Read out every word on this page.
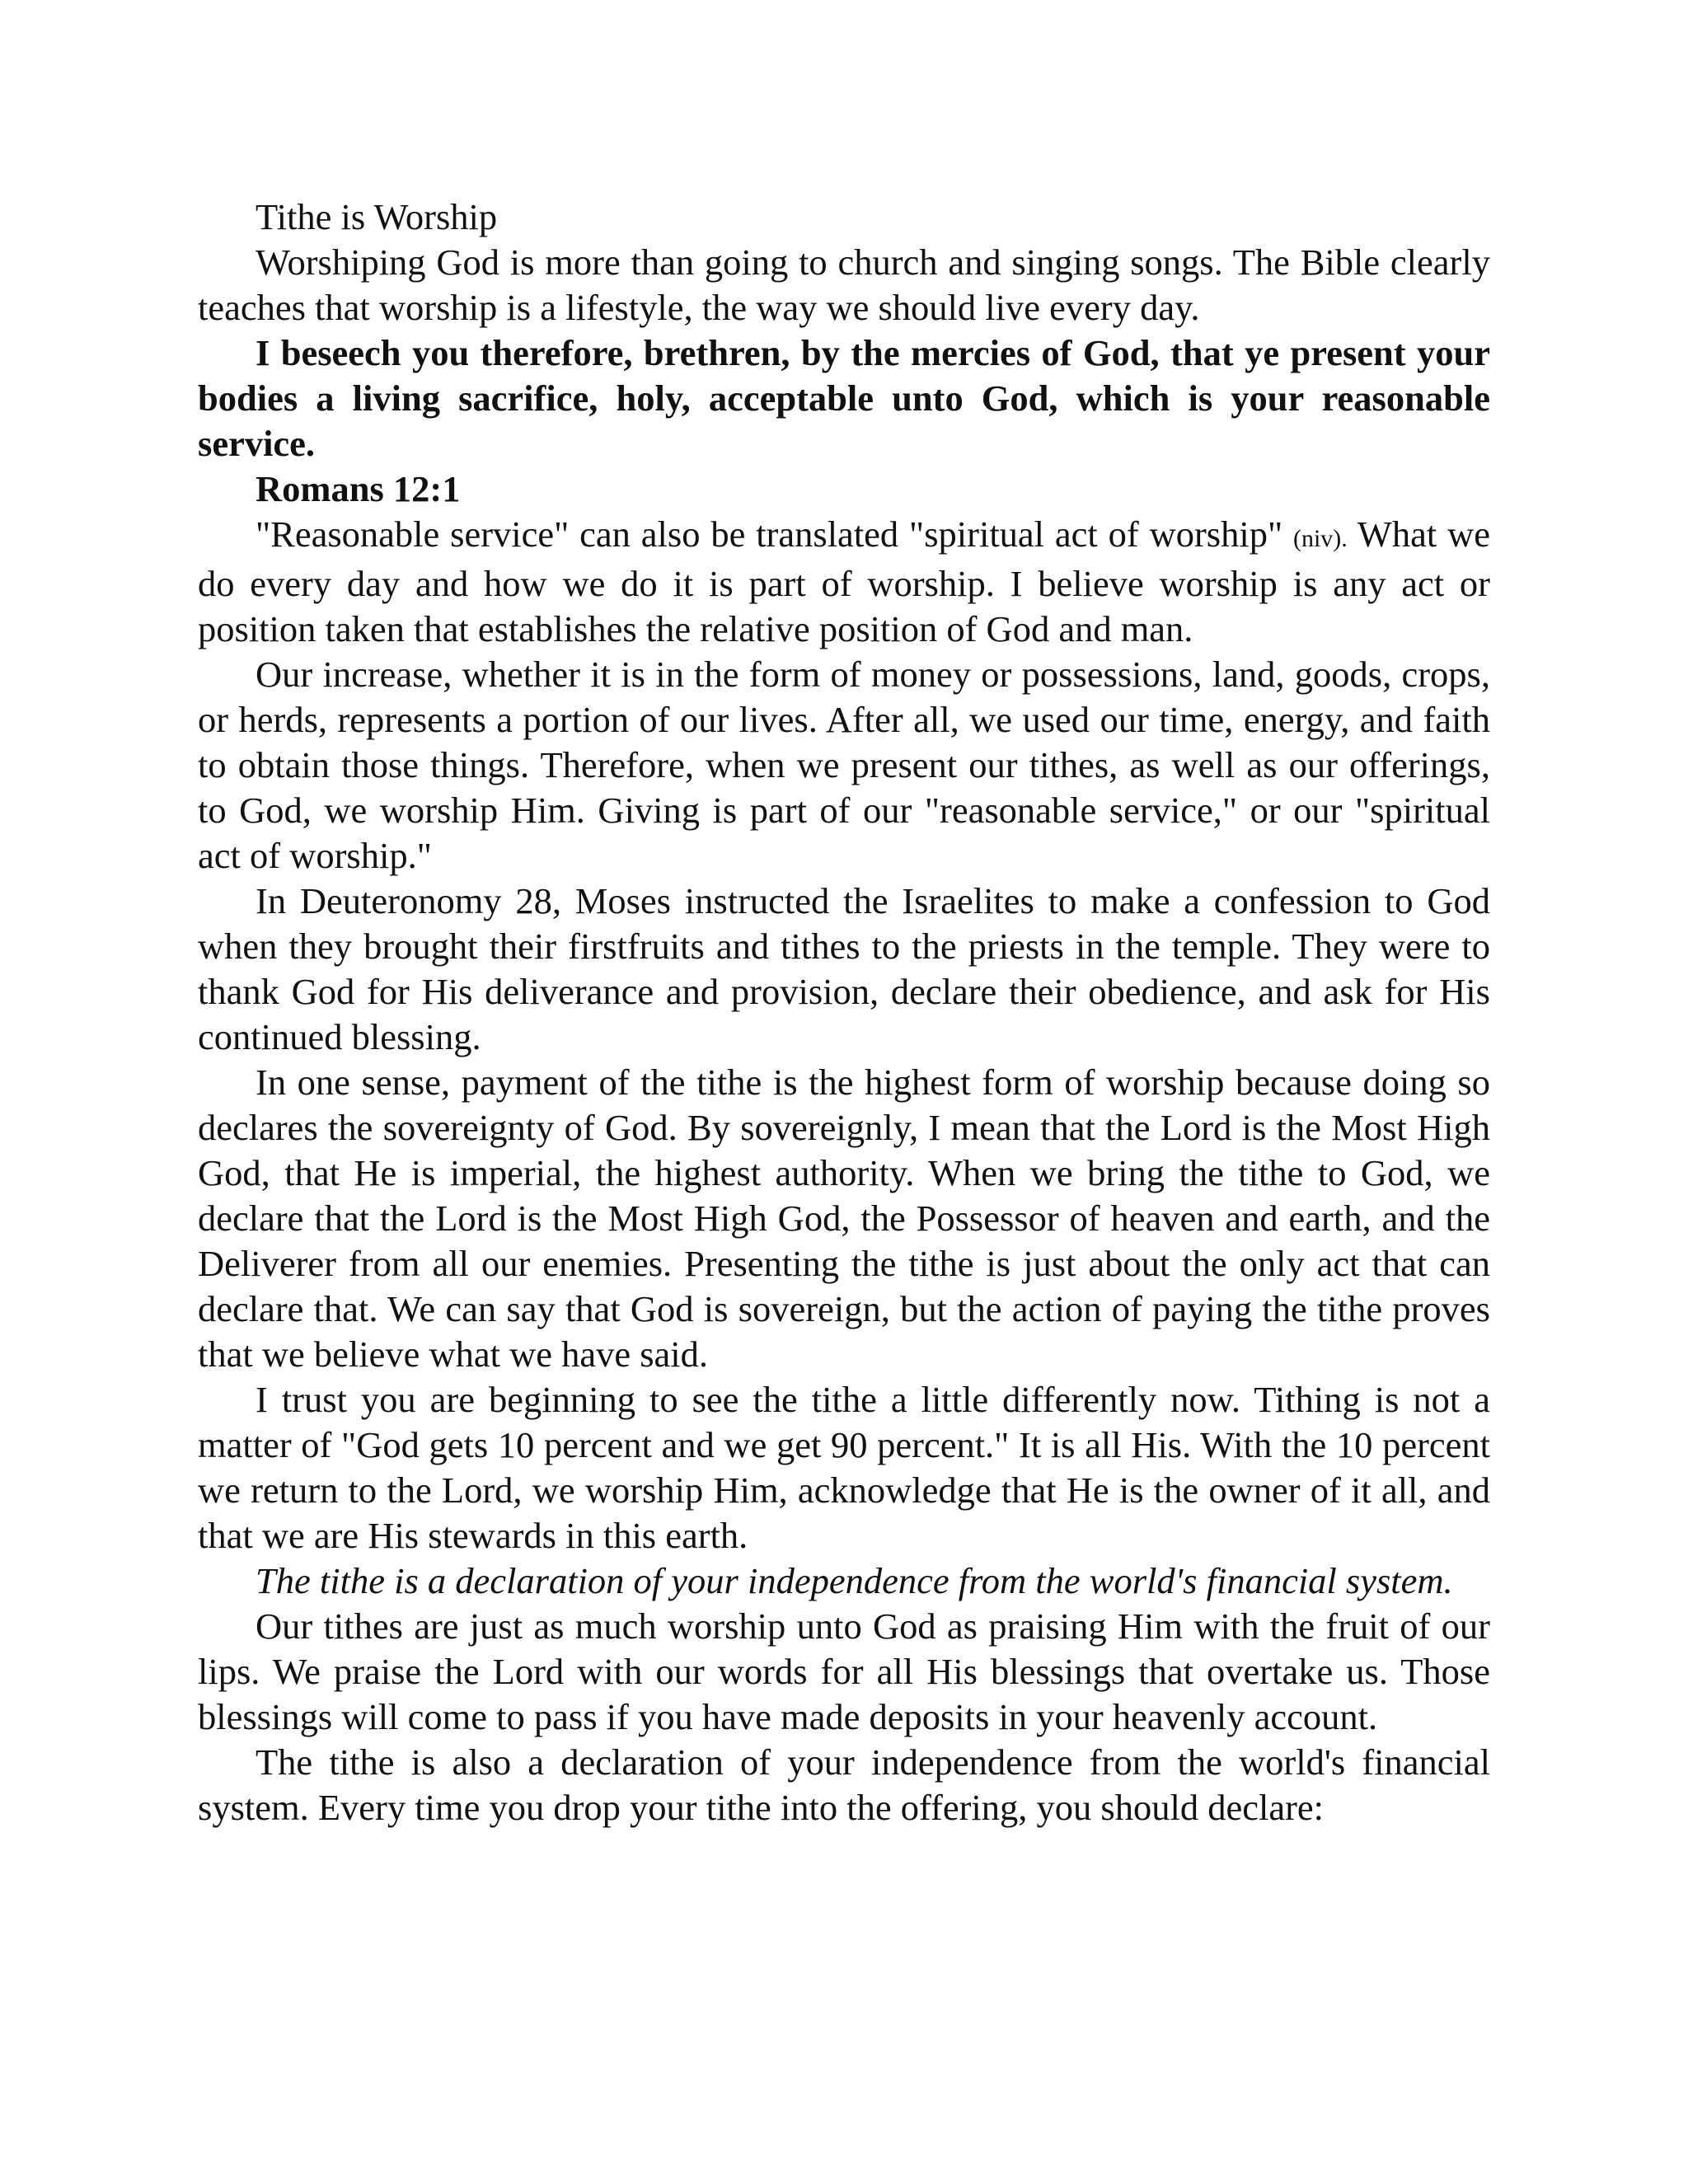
Tithe is Worship

Worshiping God is more than going to church and singing songs. The Bible clearly teaches that worship is a lifestyle, the way we should live every day.

I beseech you therefore, brethren, by the mercies of God, that ye present your bodies a living sacrifice, holy, acceptable unto God, which is your reasonable service.

Romans 12:1

"Reasonable service" can also be translated "spiritual act of worship" (niv). What we do every day and how we do it is part of worship. I believe worship is any act or position taken that establishes the relative position of God and man.

Our increase, whether it is in the form of money or possessions, land, goods, crops, or herds, represents a portion of our lives. After all, we used our time, energy, and faith to obtain those things. Therefore, when we present our tithes, as well as our offerings, to God, we worship Him. Giving is part of our "reasonable service," or our "spiritual act of worship."

In Deuteronomy 28, Moses instructed the Israelites to make a confession to God when they brought their firstfruits and tithes to the priests in the temple. They were to thank God for His deliverance and provision, declare their obedience, and ask for His continued blessing.

In one sense, payment of the tithe is the highest form of worship because doing so declares the sovereignty of God. By sovereignly, I mean that the Lord is the Most High God, that He is imperial, the highest authority. When we bring the tithe to God, we declare that the Lord is the Most High God, the Possessor of heaven and earth, and the Deliverer from all our enemies. Presenting the tithe is just about the only act that can declare that. We can say that God is sovereign, but the action of paying the tithe proves that we believe what we have said.

I trust you are beginning to see the tithe a little differently now. Tithing is not a matter of "God gets 10 percent and we get 90 percent." It is all His. With the 10 percent we return to the Lord, we worship Him, acknowledge that He is the owner of it all, and that we are His stewards in this earth.

The tithe is a declaration of your independence from the world's financial system.

Our tithes are just as much worship unto God as praising Him with the fruit of our lips. We praise the Lord with our words for all His blessings that overtake us. Those blessings will come to pass if you have made deposits in your heavenly account.

The tithe is also a declaration of your independence from the world's financial system. Every time you drop your tithe into the offering, you should declare:
